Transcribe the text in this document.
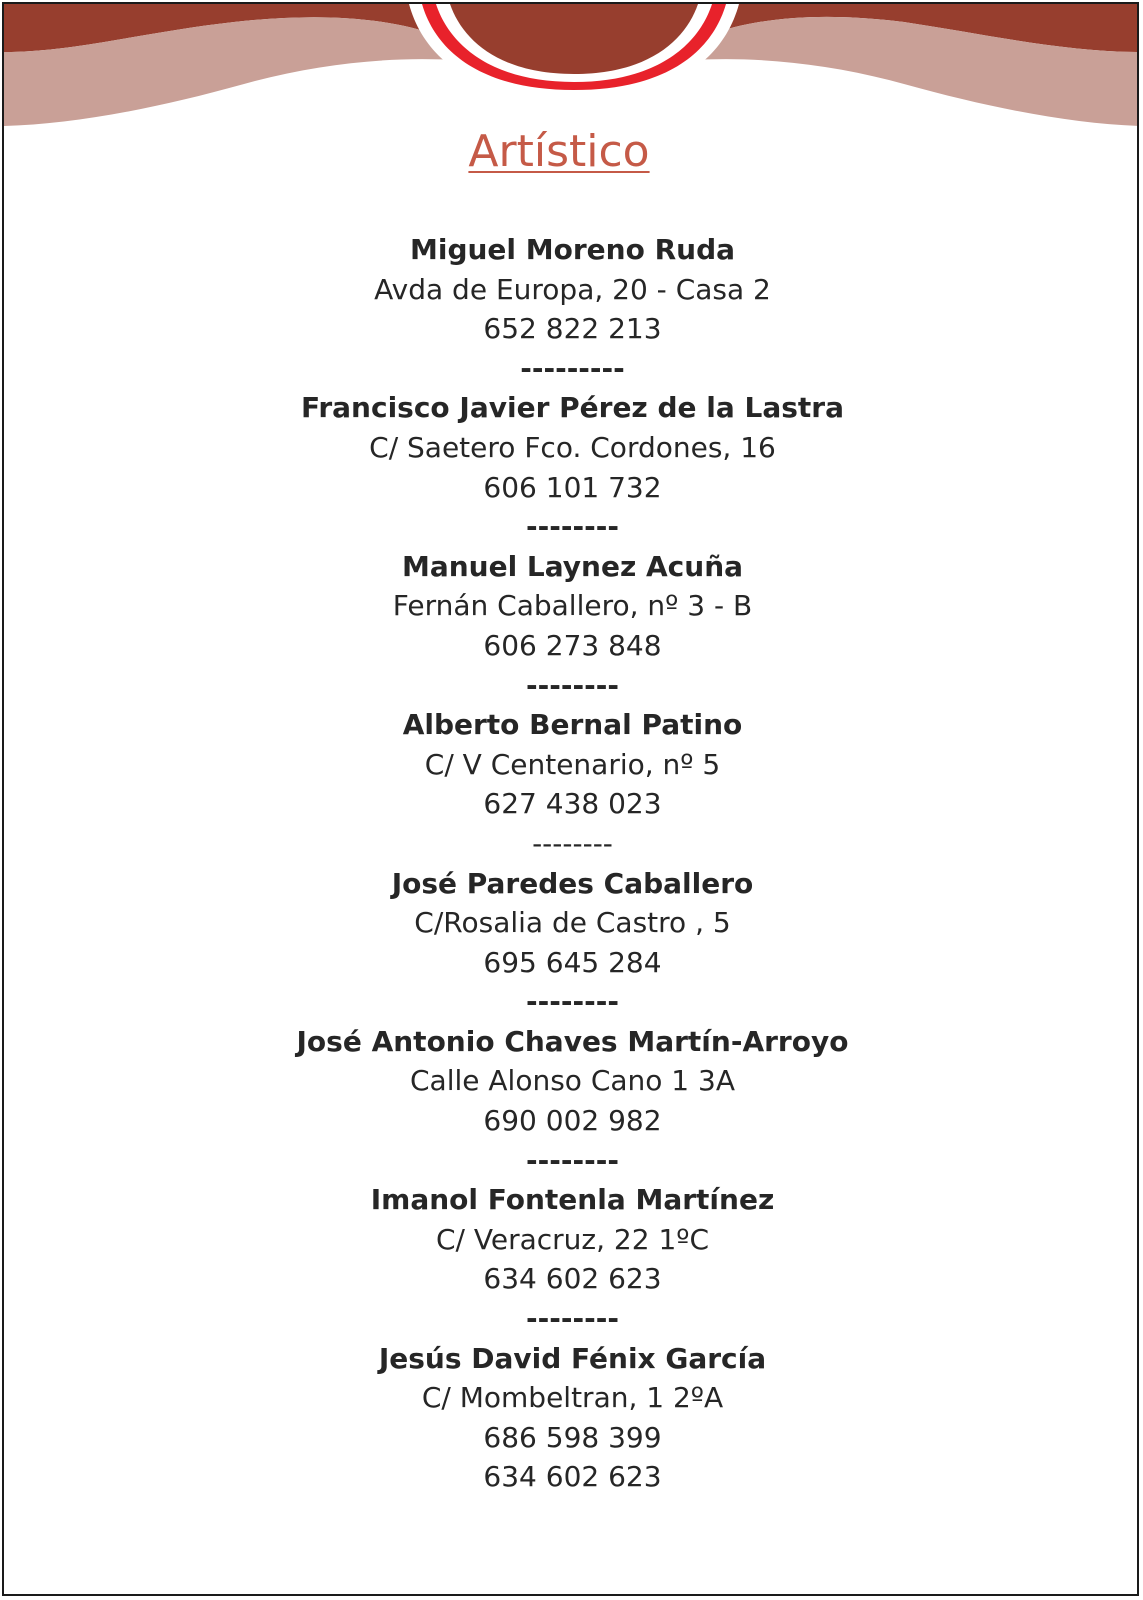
Artístico
Miguel Moreno Ruda
Avda de Europa, 20 - Casa 2
652 822 213
---------
Francisco Javier Pérez de la Lastra
C/ Saetero Fco. Cordones, 16
606 101 732
--------
Manuel Laynez Acuña
Fernán Caballero, nº 3 - B
606 273 848
--------
Alberto Bernal Patino
C/ V Centenario, nº 5
627 438 023
--------
José Paredes Caballero
C/Rosalia de Castro , 5
695 645 284
--------
José Antonio Chaves Martín-Arroyo
Calle Alonso Cano 1 3A
690 002 982
--------
Imanol Fontenla Martínez
C/ Veracruz, 22 1ºC
634 602 623
--------
Jesús David Fénix García
C/ Mombeltran, 1 2ºA
686 598 399
634 602 623
